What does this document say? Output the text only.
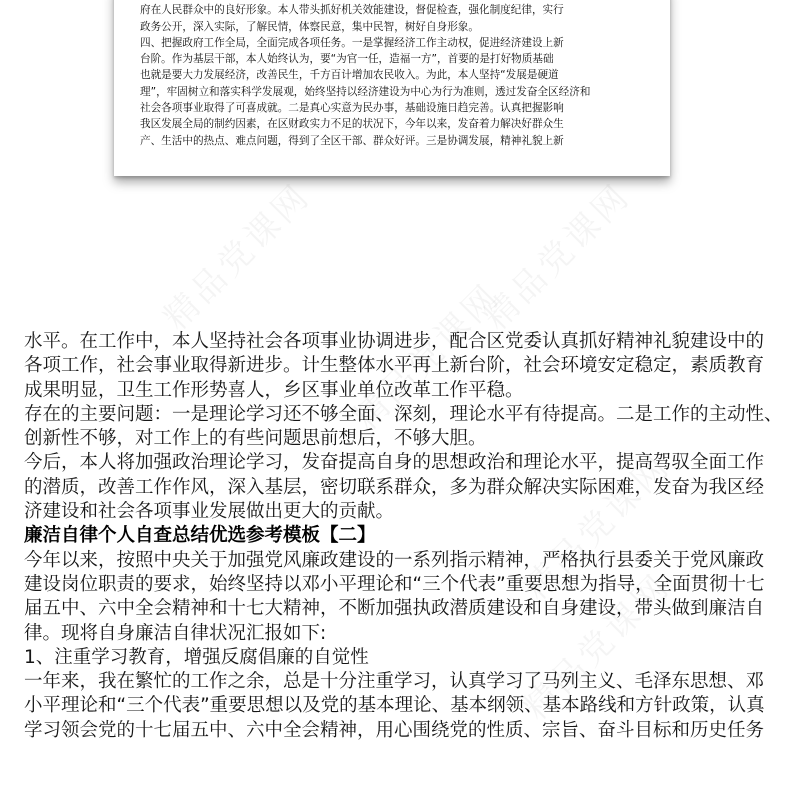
府在人民群众中的良好形象。本人带头抓好机关效能建设，督促检查，强化制度纪律，实行
政务公开，深入实际，了解民情，体察民意，集中民智，树好自身形象。
四、把握政府工作全局，全面完成各项任务。一是掌握经济工作主动权，促进经济建设上新
台阶。作为基层干部，本人始终认为，要“为官一任，造福一方”，首要的是打好物质基础
也就是要大力发展经济，改善民生，千方百计增加农民收入。为此，本人坚持“发展是硬道
理”，牢固树立和落实科学发展观，始终坚持以经济建设为中心为行为准则，透过发奋全区经济和
社会各项事业取得了可喜成就。二是真心实意为民办事，基础设施日趋完善。认真把握影响
我区发展全局的制约因素，在区财政实力不足的状况下，今年以来，发奋着力解决好群众生
产、生活中的热点、难点问题，得到了全区干部、群众好评。三是协调发展，精神礼貌上新
水平。在工作中，本人坚持社会各项事业协调进步，配合区党委认真抓好精神礼貌建设中的
各项工作，社会事业取得新进步。计生整体水平再上新台阶，社会环境安定稳定，素质教育
成果明显，卫生工作形势喜人，乡区事业单位改革工作平稳。
存在的主要问题：一是理论学习还不够全面、深刻，理论水平有待提高。二是工作的主动性、
创新性不够，对工作上的有些问题思前想后，不够大胆。
今后，本人将加强政治理论学习，发奋提高自身的思想政治和理论水平，提高驾驭全面工作
的潜质，改善工作作风，深入基层，密切联系群众，多为群众解决实际困难，发奋为我区经
济建设和社会各项事业发展做出更大的贡献。
廉洁自律个人自查总结优选参考模板【二】
今年以来，按照中央关于加强党风廉政建设的一系列指示精神，严格执行县委关于党风廉政
建设岗位职责的要求，始终坚持以邓小平理论和“三个代表”重要思想为指导，全面贯彻十七
届五中、六中全会精神和十七大精神，不断加强执政潜质建设和自身建设，带头做到廉洁自
律。现将自身廉洁自律状况汇报如下:
1、注重学习教育，增强反腐倡廉的自觉性
一年来，我在繁忙的工作之余，总是十分注重学习，认真学习了马列主义、毛泽东思想、邓
小平理论和“三个代表”重要思想以及党的基本理论、基本纲领、基本路线和方针政策，认真
学习领会党的十七届五中、六中全会精神，用心围绕党的性质、宗旨、奋斗目标和历史任务
